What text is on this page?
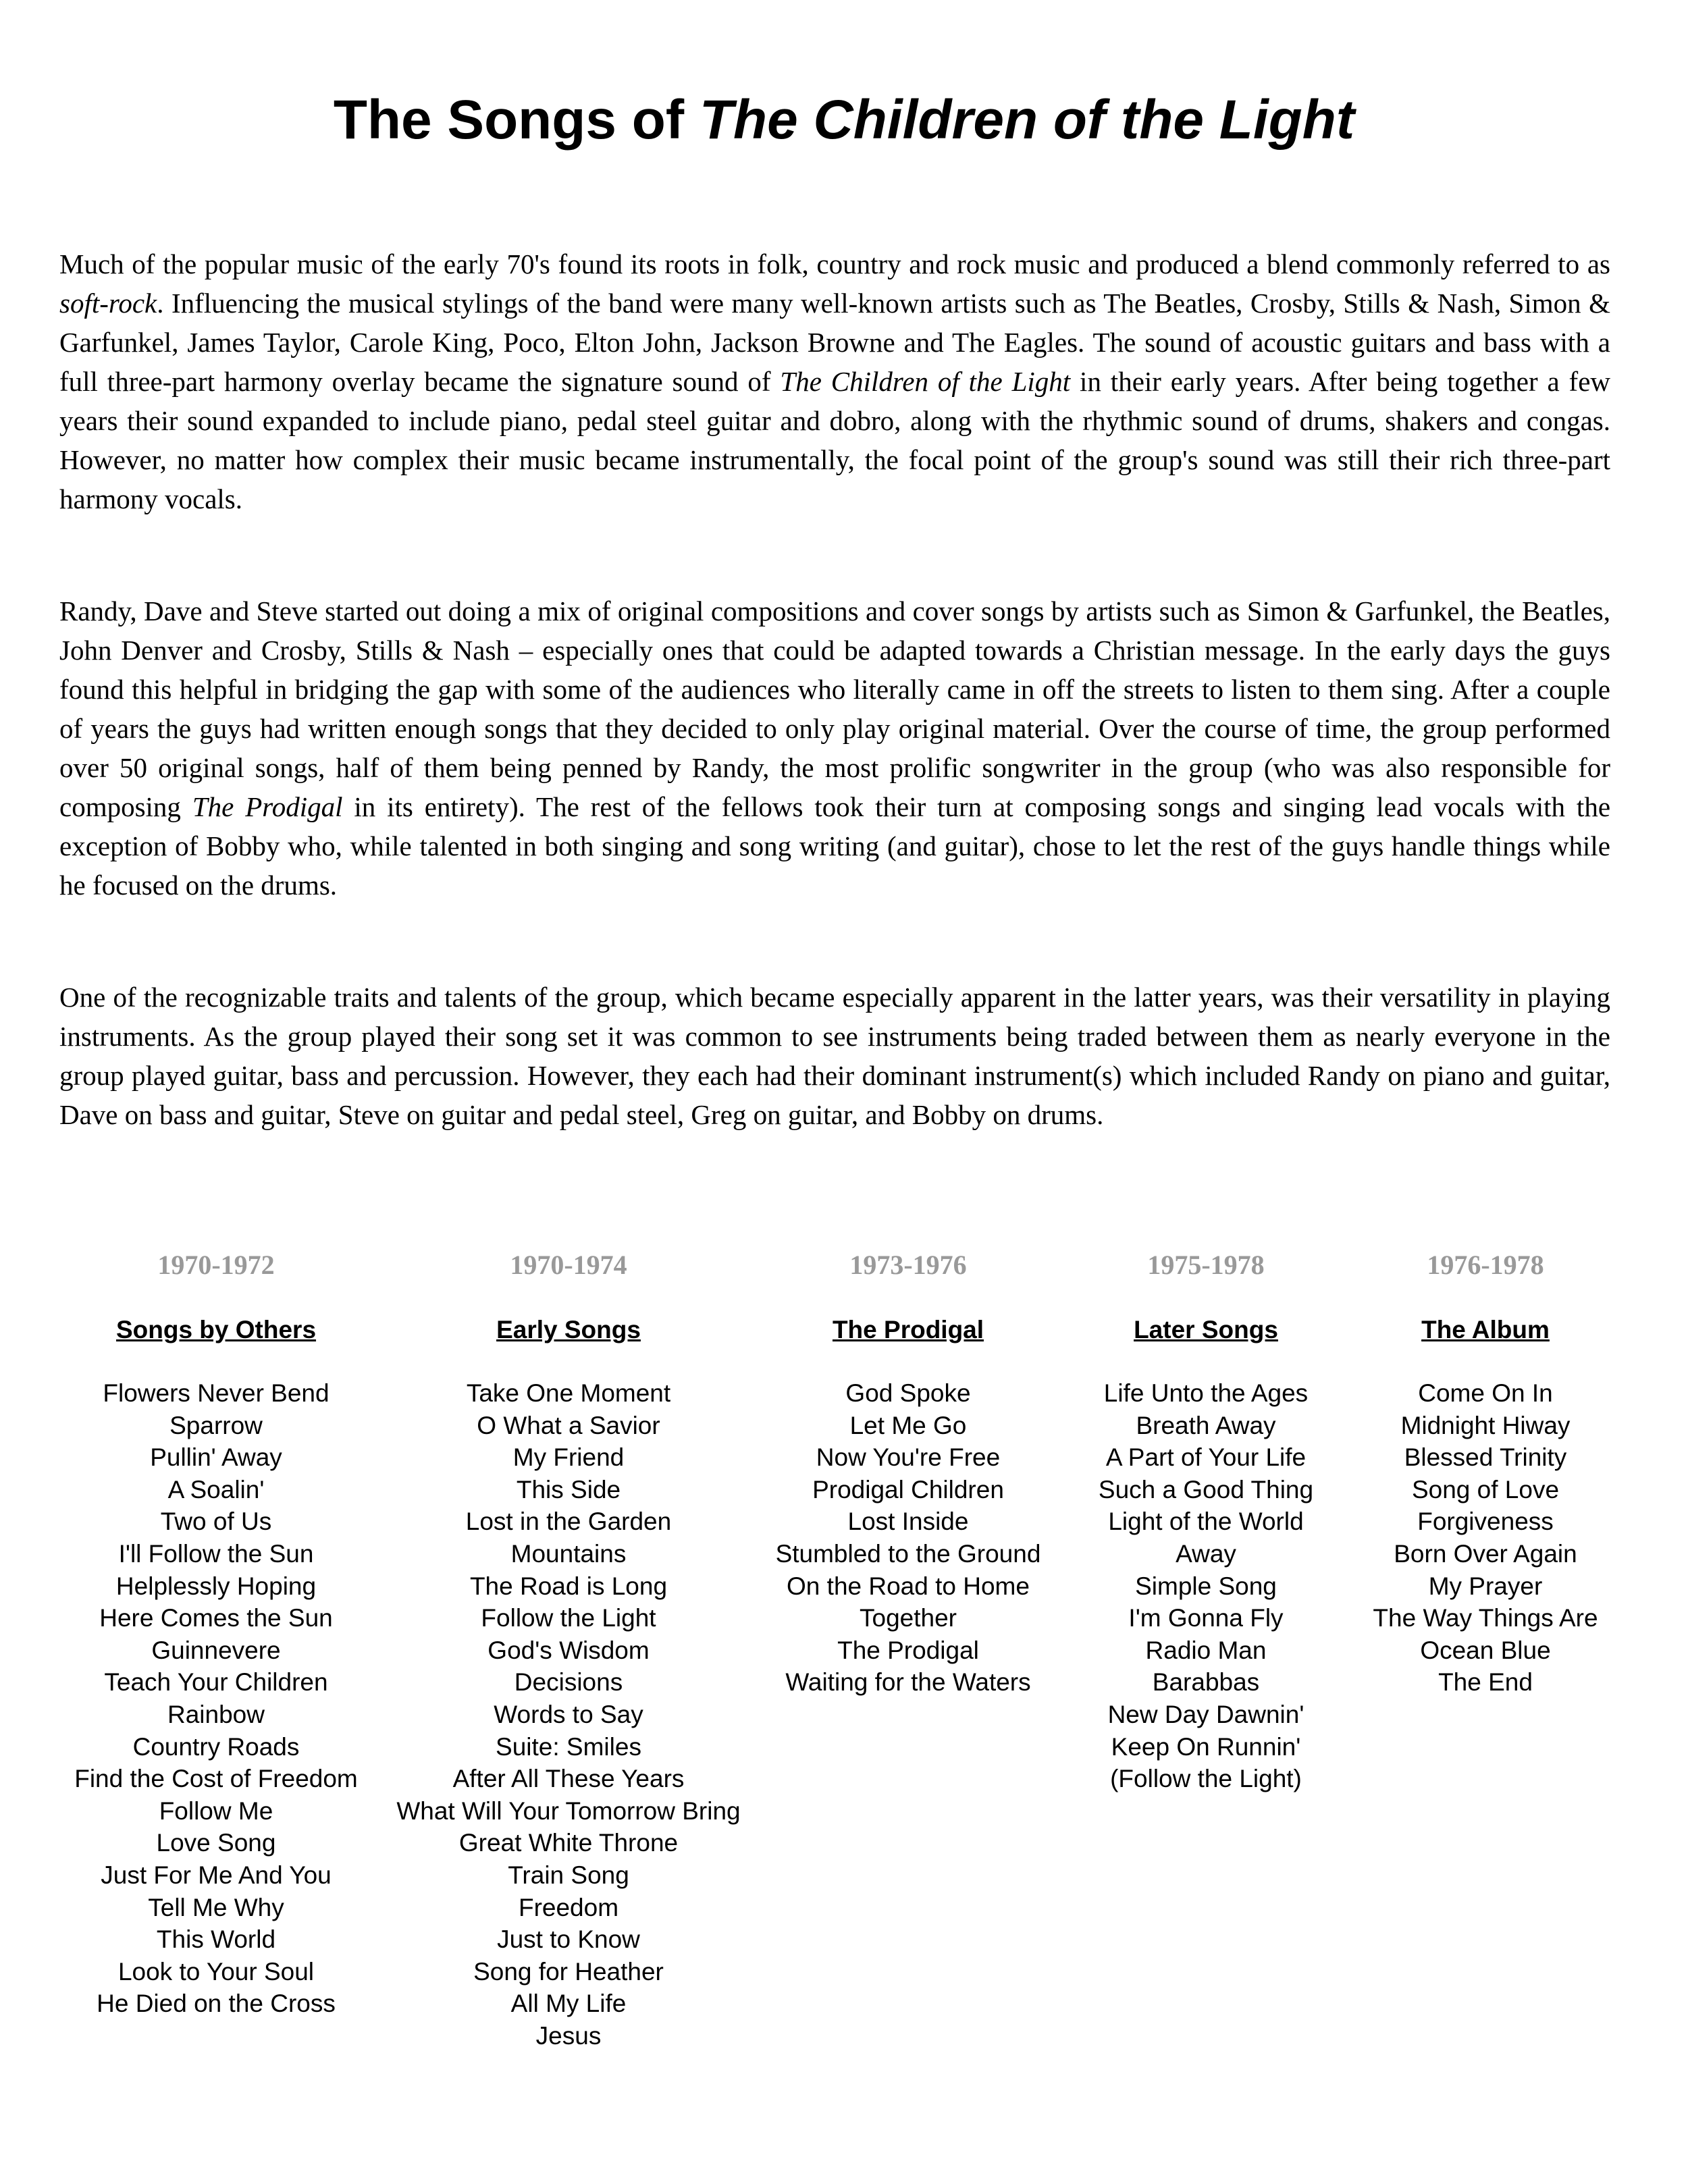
The Songs of The Children of the Light

Much of the popular music of the early 70's found its roots in folk, country and rock music and produced a blend commonly referred to as soft-rock. Influencing the musical stylings of the band were many well-known artists such as The Beatles, Crosby, Stills & Nash, Simon & Garfunkel, James Taylor, Carole King, Poco, Elton John, Jackson Browne and The Eagles. The sound of acoustic guitars and bass with a full three-part harmony overlay became the signature sound of The Children of the Light in their early years. After being together a few years their sound expanded to include piano, pedal steel guitar and dobro, along with the rhythmic sound of drums, shakers and congas. However, no matter how complex their music became instrumentally, the focal point of the group's sound was still their rich three-part harmony vocals.

Randy, Dave and Steve started out doing a mix of original compositions and cover songs by artists such as Simon & Garfunkel, the Beatles, John Denver and Crosby, Stills & Nash – especially ones that could be adapted towards a Christian message. In the early days the guys found this helpful in bridging the gap with some of the audiences who literally came in off the streets to listen to them sing. After a couple of years the guys had written enough songs that they decided to only play original material. Over the course of time, the group performed over 50 original songs, half of them being penned by Randy, the most prolific songwriter in the group (who was also responsible for composing The Prodigal in its entirety). The rest of the fellows took their turn at composing songs and singing lead vocals with the exception of Bobby who, while talented in both singing and song writing (and guitar), chose to let the rest of the guys handle things while he focused on the drums.

One of the recognizable traits and talents of the group, which became especially apparent in the latter years, was their versatility in playing instruments. As the group played their song set it was common to see instruments being traded between them as nearly everyone in the group played guitar, bass and percussion. However, they each had their dominant instrument(s) which included Randy on piano and guitar, Dave on bass and guitar, Steve on guitar and pedal steel, Greg on guitar, and Bobby on drums.

1970-1972
Songs by Others
Flowers Never Bend
Sparrow
Pullin' Away
A Soalin'
Two of Us
I'll Follow the Sun
Helplessly Hoping
Here Comes the Sun
Guinnevere
Teach Your Children
Rainbow
Country Roads
Find the Cost of Freedom
Follow Me
Love Song
Just For Me And You
Tell Me Why
This World
Look to Your Soul
He Died on the Cross
1970-1974
Early Songs
Take One Moment
O What a Savior
My Friend
This Side
Lost in the Garden
Mountains
The Road is Long
Follow the Light
God's Wisdom
Decisions
Words to Say
Suite: Smiles
After All These Years
What Will Your Tomorrow Bring
Great White Throne
Train Song
Freedom
Just to Know
Song for Heather
All My Life
Jesus
1973-1976
The Prodigal
God Spoke
Let Me Go
Now You're Free
Prodigal Children
Lost Inside
Stumbled to the Ground
On the Road to Home
Together
The Prodigal
Waiting for the Waters
1975-1978
Later Songs
Life Unto the Ages
Breath Away
A Part of Your Life
Such a Good Thing
Light of the World
Away
Simple Song
I'm Gonna Fly
Radio Man
Barabbas
New Day Dawnin'
Keep On Runnin'
(Follow the Light)
1976-1978
The Album
Come On In
Midnight Hiway
Blessed Trinity
Song of Love
Forgiveness
Born Over Again
My Prayer
The Way Things Are
Ocean Blue
The End
